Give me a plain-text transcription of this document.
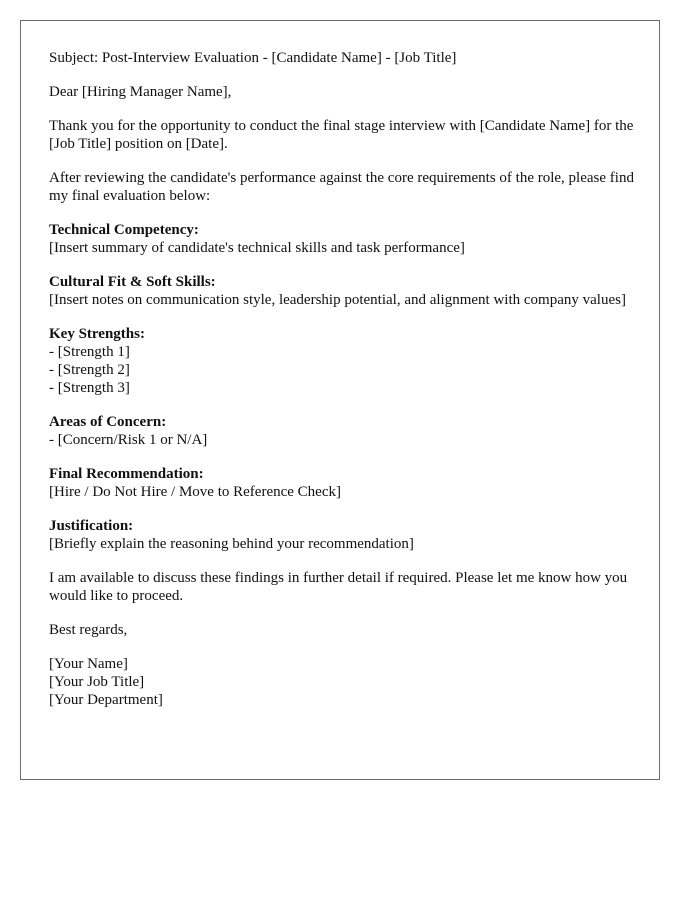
Subject: Post-Interview Evaluation - [Candidate Name] - [Job Title]

Dear [Hiring Manager Name],

Thank you for the opportunity to conduct the final stage interview with [Candidate Name] for the [Job Title] position on [Date].

After reviewing the candidate's performance against the core requirements of the role, please find my final evaluation below:

Technical Competency:
[Insert summary of candidate's technical skills and task performance]
Cultural Fit & Soft Skills:
[Insert notes on communication style, leadership potential, and alignment with company values]
Key Strengths:
- [Strength 1]
- [Strength 2]
- [Strength 3]
Areas of Concern:
- [Concern/Risk 1 or N/A]
Final Recommendation:
[Hire / Do Not Hire / Move to Reference Check]
Justification:
[Briefly explain the reasoning behind your recommendation]

I am available to discuss these findings in further detail if required. Please let me know how you would like to proceed.

Best regards,

[Your Name]
[Your Job Title]
[Your Department]
